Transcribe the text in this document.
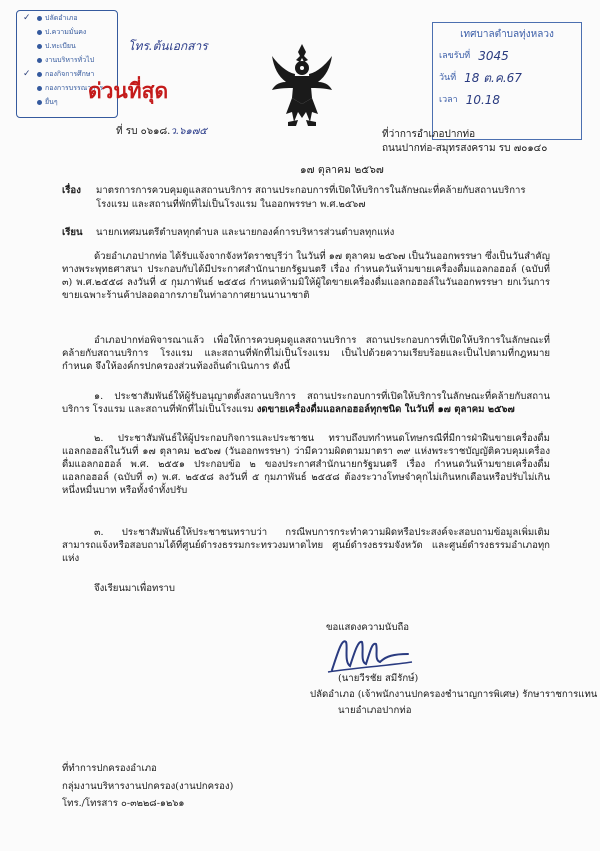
✓ ปลัดอำเภอ
ป.ความมั่นคง
ป.ทะเบียน
งานบริหารทั่วไป
✓ กองกิจการศึกษา
กองการบรรณาการ
ยื่นๆ
โทร.ต้นเอกสาร
ด่วนที่สุด
ที่ รบ ๐๖๑๘.ว.๖๑๗๕
เทศบาลตำบลทุ่งหลวง
เลขรับที่ 3045
วันที่ 18 ต.ค.67
เวลา 10.18
ที่ว่าการอำเภอปากท่อ
ถนนปากท่อ-สมุทรสงคราม รบ ๗๐๑๔๐
๑๗ ตุลาคม ๒๕๖๗
เรื่อง มาตรการการควบคุมดูแลสถานบริการ สถานประกอบการที่เปิดให้บริการในลักษณะที่คล้ายกับสถานบริการ
โรงแรม และสถานที่พักที่ไม่เป็นโรงแรม ในออกพรรษา พ.ศ.๒๕๖๗
เรียน นายกเทศมนตรีตำบลทุกตำบล และนายกองค์การบริหารส่วนตำบลทุกแห่ง
ด้วยอำเภอปากท่อ ได้รับแจ้งจากจังหวัดราชบุรีว่า ในวันที่ ๑๗ ตุลาคม ๒๕๖๗ เป็นวันออกพรรษา ซึ่งเป็นวันสำคัญทางพระพุทธศาสนา ประกอบกับได้มีประกาศสำนักนายกรัฐมนตรี เรื่อง กำหนดวันห้ามขายเครื่องดื่มแอลกอฮอล์ (ฉบับที่ ๓) พ.ศ.๒๕๕๘ ลงวันที่ ๕ กุมภาพันธ์ ๒๕๕๘ กำหนดห้ามมิให้ผู้ใดขายเครื่องดื่มแอลกอฮอล์ในวันออกพรรษา ยกเว้นการขายเฉพาะร้านค้าปลอดอากรภายในท่าอากาศยานนานาชาติ
อำเภอปากท่อพิจารณาแล้ว เพื่อให้การควบคุมดูแลสถานบริการ สถานประกอบการที่เปิดให้บริการในลักษณะที่คล้ายกับสถานบริการ โรงแรม และสถานที่พักที่ไม่เป็นโรงแรม เป็นไปด้วยความเรียบร้อยและเป็นไปตามที่กฎหมายกำหนด จึงให้องค์กรปกครองส่วนท้องถิ่นดำเนินการ ดังนี้
๑. ประชาสัมพันธ์ให้ผู้รับอนุญาตตั้งสถานบริการ สถานประกอบการที่เปิดให้บริการในลักษณะที่คล้ายกับสถานบริการ โรงแรม และสถานที่พักที่ไม่เป็นโรงแรม งดขายเครื่องดื่มแอลกอฮอล์ทุกชนิด ในวันที่ ๑๗ ตุลาคม ๒๕๖๗
๒. ประชาสัมพันธ์ให้ผู้ประกอบกิจการและประชาชน ทราบถึงบทกำหนดโทษกรณีที่มีการฝ่าฝืนขายเครื่องดื่มแอลกอฮอล์ในวันที่ ๑๗ ตุลาคม ๒๕๖๗ (วันออกพรรษา) ว่ามีความผิดตามมาตรา ๓๙ แห่งพระราชบัญญัติควบคุมเครื่องดื่มแอลกอฮอล์ พ.ศ. ๒๕๕๑ ประกอบข้อ ๒ ของประกาศสำนักนายกรัฐมนตรี เรื่อง กำหนดวันห้ามขายเครื่องดื่มแอลกอฮอล์ (ฉบับที่ ๓) พ.ศ. ๒๕๕๘ ลงวันที่ ๕ กุมภาพันธ์ ๒๕๕๘ ต้องระวางโทษจำคุกไม่เกินหกเดือนหรือปรับไม่เกินหนึ่งหมื่นบาท หรือทั้งจำทั้งปรับ
๓. ประชาสัมพันธ์ให้ประชาชนทราบว่า กรณีพบการกระทำความผิดหรือประสงค์จะสอบถามข้อมูลเพิ่มเติมสามารถแจ้งหรือสอบถามได้ที่ศูนย์ดำรงธรรมกระทรวงมหาดไทย ศูนย์ดำรงธรรมจังหวัด และศูนย์ดำรงธรรมอำเภอทุกแห่ง
จึงเรียนมาเพื่อทราบ
ขอแสดงความนับถือ
(นายวีรชัย สมีรักษ์)
ปลัดอำเภอ (เจ้าพนักงานปกครองชำนาญการพิเศษ) รักษาราชการแทน
นายอำเภอปากท่อ
ที่ทำการปกครองอำเภอ
กลุ่มงานบริหารงานปกครอง(งานปกครอง)
โทร./โทรสาร ๐-๓๒๒๘-๑๒๖๑
